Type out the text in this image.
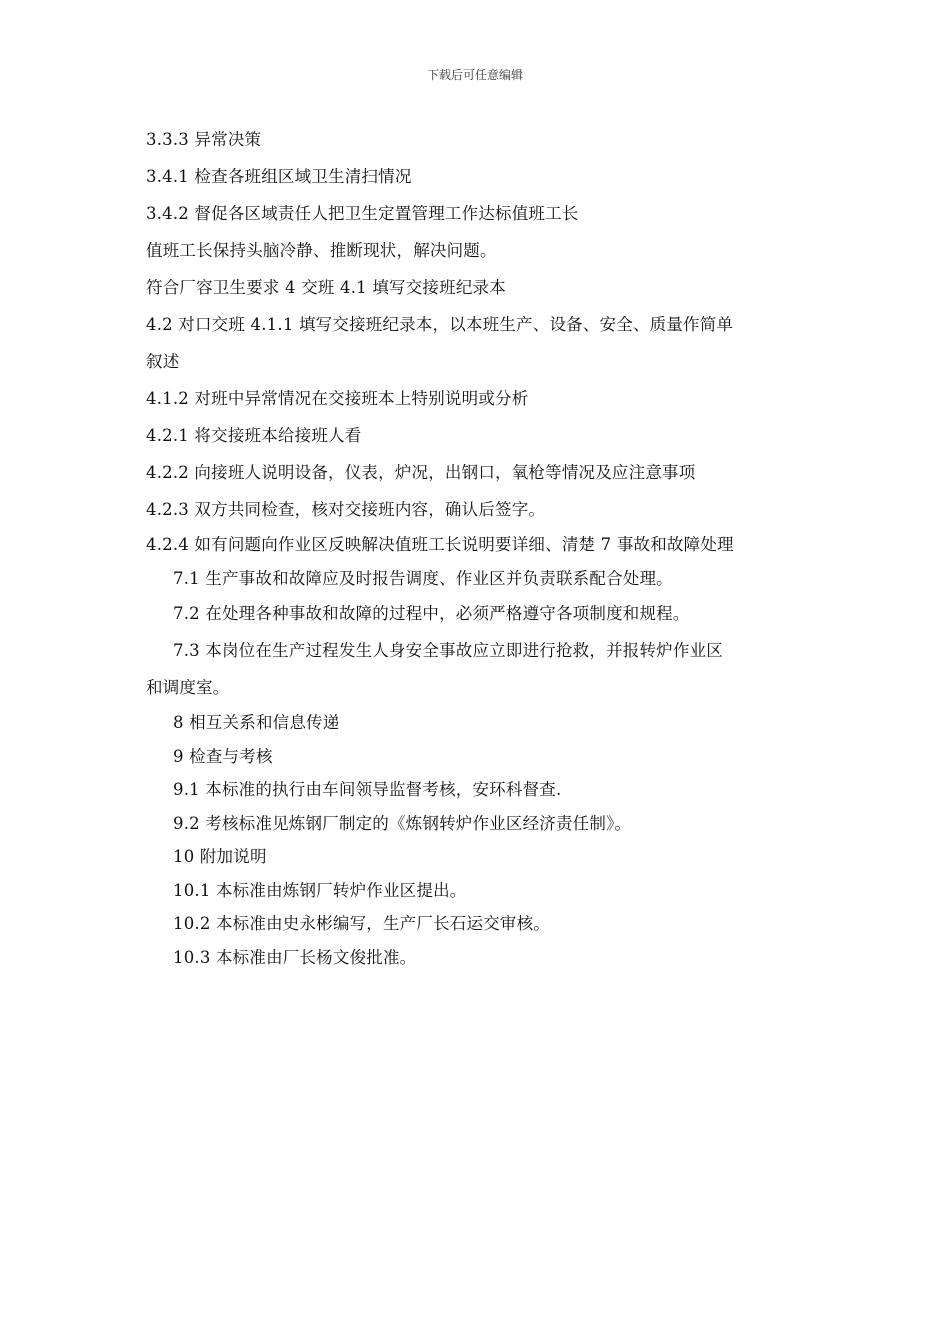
下载后可任意编辑
3.3.3 异常决策
3.4.1 检查各班组区域卫生清扫情况
3.4.2 督促各区域责任人把卫生定置管理工作达标值班工长
值班工长保持头脑冷静、推断现状，解决问题。
符合厂容卫生要求 4 交班 4.1 填写交接班纪录本
4.2 对口交班 4.1.1 填写交接班纪录本，以本班生产、设备、安全、质量作简单
叙述
4.1.2 对班中异常情况在交接班本上特别说明或分析
4.2.1 将交接班本给接班人看
4.2.2 向接班人说明设备，仪表，炉况，出钢口，氧枪等情况及应注意事项
4.2.3 双方共同检查，核对交接班内容，确认后签字。
4.2.4 如有问题向作业区反映解决值班工长说明要详细、清楚 7 事故和故障处理
7.1 生产事故和故障应及时报告调度、作业区并负责联系配合处理。
7.2 在处理各种事故和故障的过程中，必须严格遵守各项制度和规程。
7.3 本岗位在生产过程发生人身安全事故应立即进行抢救，并报转炉作业区
和调度室。
8 相互关系和信息传递
9 检查与考核
9.1 本标准的执行由车间领导监督考核，安环科督查.
9.2 考核标准见炼钢厂制定的《炼钢转炉作业区经济责任制》。
10 附加说明
10.1 本标准由炼钢厂转炉作业区提出。
10.2 本标准由史永彬编写，生产厂长石运交审核。
10.3 本标准由厂长杨文俊批准。
